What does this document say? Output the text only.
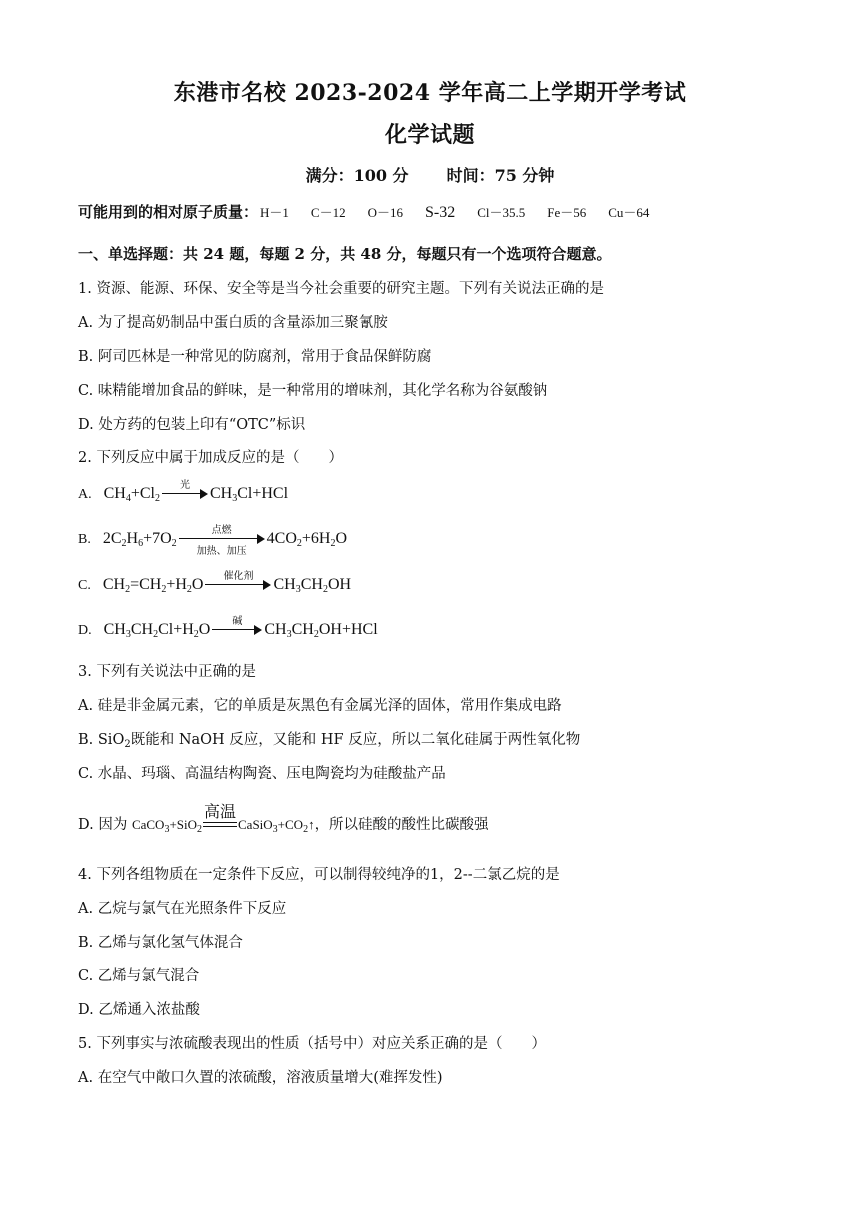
东港市名校 2023-2024 学年高二上学期开学考试
化学试题
满分：100 分 时间：75 分钟
可能用到的相对原子质量： H－1 C－12 O－16 S-32 Cl－35.5 Fe－56 Cu－64
一、单选择题：共 24 题，每题 2 分，共 48 分，每题只有一个选项符合题意。
1. 资源、能源、环保、安全等是当今社会重要的研究主题。下列有关说法正确的是
A. 为了提高奶制品中蛋白质的含量添加三聚氰胺
B. 阿司匹林是一种常见的防腐剂，常用于食品保鲜防腐
C. 味精能增加食品的鲜味，是一种常用的增味剂，其化学名称为谷氨酸钠
D. 处方药的包装上印有“OTC”标识
2. 下列反应中属于加成反应的是（　　）
A. $CH_4+Cl_2$
光	$CH_3Cl+HCl$
B. $2C_2H_6+7O_2$
点燃
加热、加压
$4CO_2+6H_2O$
C. $CH_2=CH_2+H_2O$	催化剂	$CH_3CH_2OH$
D. $CH_3CH_2Cl+H_2O$	碱	$CH_3CH_2OH+HCl$
3. 下列有关说法中正确的是
A. 硅是非金属元素，它的单质是灰黑色有金属光泽的固体，常用作集成电路
B. SiO$_2$既能和 NaOH 反应，又能和 HF 反应，所以二氧化硅属于两性氧化物
C. 水晶、玛瑙、高温结构陶瓷、压电陶瓷均为硅酸盐产品
D. 因为 CaCO$_3$+SiO$_2$
高温
$CaSiO_3+CO_2↑$，所以硅酸的酸性比碳酸强
4. 下列各组物质在一定条件下反应，可以制得较纯净的1，2--二氯乙烷的是
A. 乙烷与氯气在光照条件下反应
B. 乙烯与氯化氢气体混合
C. 乙烯与氯气混合
D. 乙烯通入浓盐酸
5. 下列事实与浓硫酸表现出的性质（括号中）对应关系正确的是（　　）
A. 在空气中敞口久置的浓硫酸，溶液质量增大(难挥发性)
